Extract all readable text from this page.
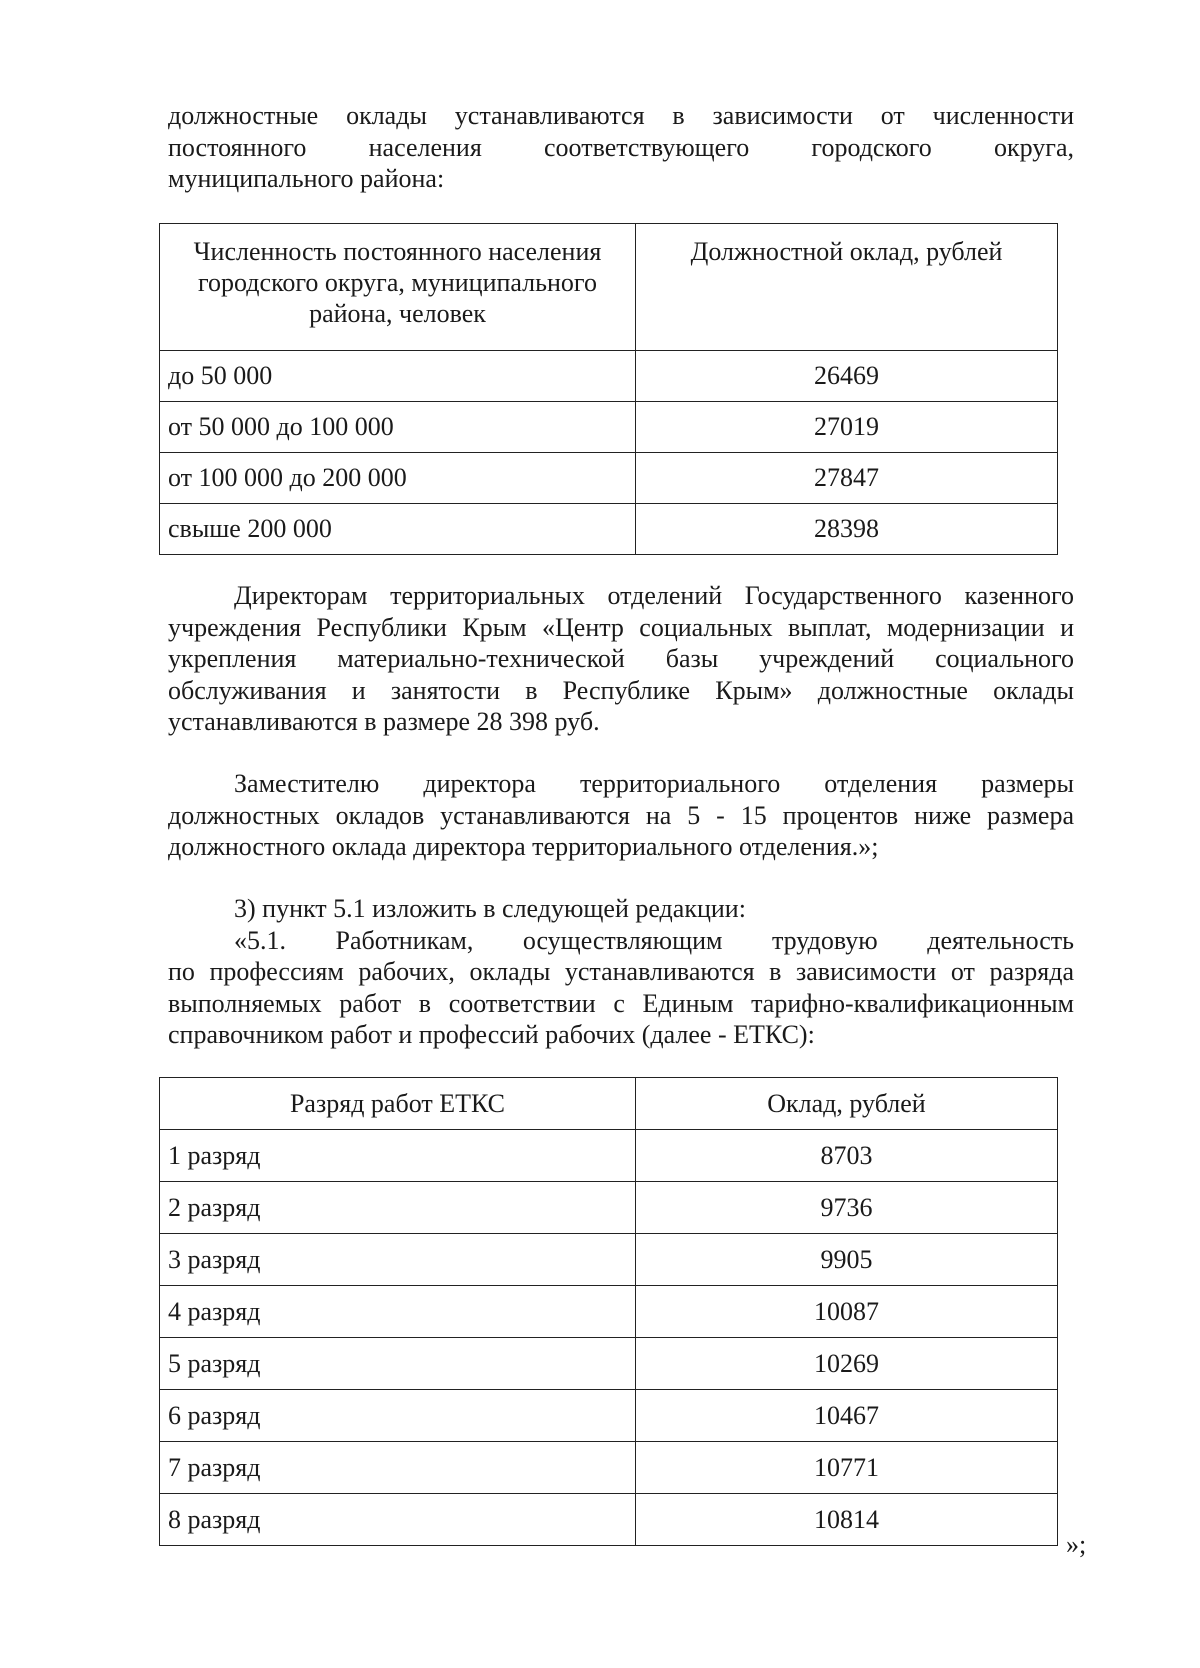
должностные оклады устанавливаются в зависимости от численности
постоянного населения соответствующего городского округа,
муниципального района:
Численность постоянного населения городского округа, муниципального района, человек	Должностной оклад, рублей
до 50 000	26469
от 50 000 до 100 000	27019
от 100 000 до 200 000	27847
свыше 200 000	28398
Директорам территориальных отделений Государственного казенного
учреждения Республики Крым «Центр социальных выплат, модернизации и
укрепления материально-технической базы учреждений социального
обслуживания и занятости в Республике Крым» должностные оклады
устанавливаются в размере 28 398 руб.
Заместителю директора территориального отделения размеры
должностных окладов устанавливаются на 5 - 15 процентов ниже размера
должностного оклада директора территориального отделения.»;
3) пункт 5.1 изложить в следующей редакции:
«5.1. Работникам, осуществляющим трудовую деятельность
по профессиям рабочих, оклады устанавливаются в зависимости от разряда
выполняемых работ в соответствии с Единым тарифно-квалификационным
справочником работ и профессий рабочих (далее - ЕТКС):
Разряд работ ЕТКС	Оклад, рублей
1 разряд	8703
2 разряд	9736
3 разряд	9905
4 разряд	10087
5 разряд	10269
6 разряд	10467
7 разряд	10771
8 разряд	10814
»;
